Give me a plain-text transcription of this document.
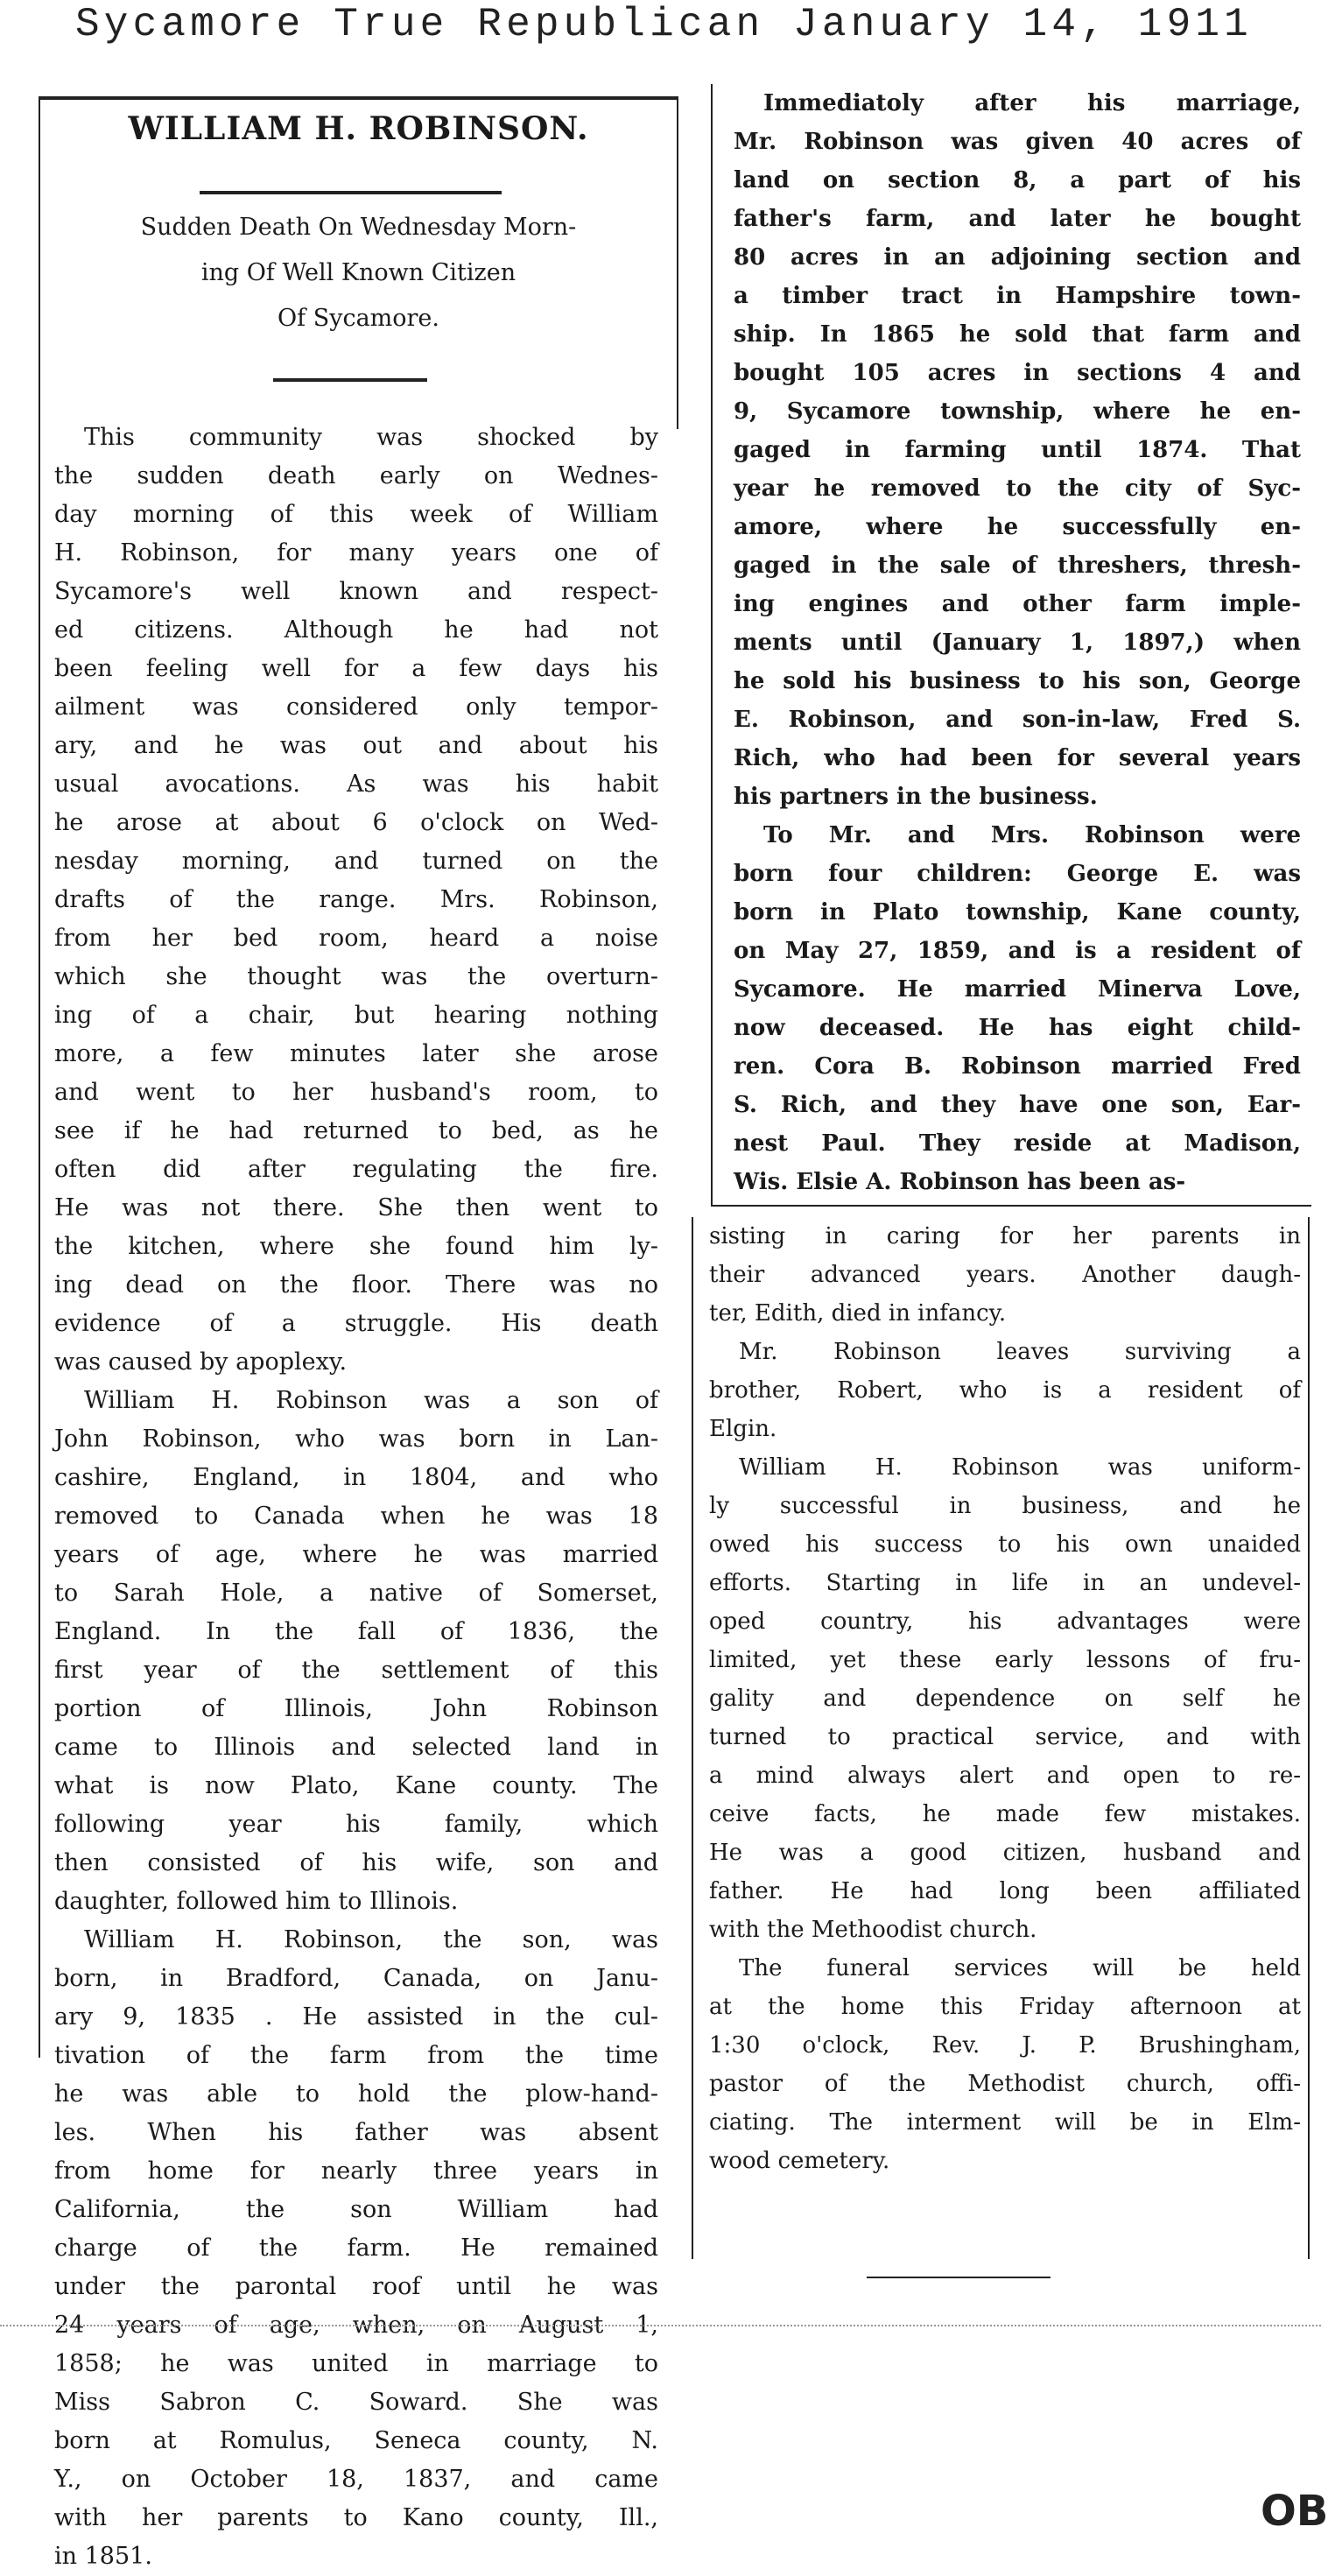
Sycamore True Republican January 14, 1911
WILLIAM H. ROBINSON.
Sudden Death On Wednesday Morn-
ing Of Well Known Citizen
Of Sycamore.
This community was shocked by
the sudden death early on Wednes-
day morning of this week of William
H. Robinson, for many years one of
Sycamore's well known and respect-
ed citizens. Although he had not
been feeling well for a few days his
ailment was considered only tempor-
ary, and he was out and about his
usual avocations. As was his habit
he arose at about 6 o'clock on Wed-
nesday morning, and turned on the
drafts of the range. Mrs. Robinson,
from her bed room, heard a noise
which she thought was the overturn-
ing of a chair, but hearing nothing
more, a few minutes later she arose
and went to her husband's room, to
see if he had returned to bed, as he
often did after regulating the fire.
He was not there. She then went to
the kitchen, where she found him ly-
ing dead on the floor. There was no
evidence of a struggle. His death
was caused by apoplexy.
William H. Robinson was a son of
John Robinson, who was born in Lan-
cashire, England, in 1804, and who
removed to Canada when he was 18
years of age, where he was married
to Sarah Hole, a native of Somerset,
England. In the fall of 1836, the
first year of the settlement of this
portion of Illinois, John Robinson
came to Illinois and selected land in
what is now Plato, Kane county. The
following year his family, which
then consisted of his wife, son and
daughter, followed him to Illinois.
William H. Robinson, the son, was
born, in Bradford, Canada, on Janu-
ary 9, 1835 . He assisted in the cul-
tivation of the farm from the time
he was able to hold the plow-hand-
les. When his father was absent
from home for nearly three years in
California, the son William had
charge of the farm. He remained
under the parontal roof until he was
24 years of age, when, on August 1,
1858; he was united in marriage to
Miss Sabron C. Soward. She was
born at Romulus, Seneca county, N.
Y., on October 18, 1837, and came
with her parents to Kano county, Ill.,
in 1851.
Immediatoly after his marriage,
Mr. Robinson was given 40 acres of
land on section 8, a part of his
father's farm, and later he bought
80 acres in an adjoining section and
a timber tract in Hampshire town-
ship. In 1865 he sold that farm and
bought 105 acres in sections 4 and
9, Sycamore township, where he en-
gaged in farming until 1874. That
year he removed to the city of Syc-
amore, where he successfully en-
gaged in the sale of threshers, thresh-
ing engines and other farm imple-
ments until (January 1, 1897,) when
he sold his business to his son, George
E. Robinson, and son-in-law, Fred S.
Rich, who had been for several years
his partners in the business.
To Mr. and Mrs. Robinson were
born four children: George E. was
born in Plato township, Kane county,
on May 27, 1859, and is a resident of
Sycamore. He married Minerva Love,
now deceased. He has eight child-
ren. Cora B. Robinson married Fred
S. Rich, and they have one son, Ear-
nest Paul. They reside at Madison,
Wis. Elsie A. Robinson has been as-
sisting in caring for her parents in
their advanced years. Another daugh-
ter, Edith, died in infancy.
Mr. Robinson leaves surviving a
brother, Robert, who is a resident of
Elgin.
William H. Robinson was uniform-
ly successful in business, and he
owed his success to his own unaided
efforts. Starting in life in an undevel-
oped country, his advantages were
limited, yet these early lessons of fru-
gality and dependence on self he
turned to practical service, and with
a mind always alert and open to re-
ceive facts, he made few mistakes.
He was a good citizen, husband and
father. He had long been affiliated
with the Methoodist church.
The funeral services will be held
at the home this Friday afternoon at
1:30 o'clock, Rev. J. P. Brushingham,
pastor of the Methodist church, offi-
ciating. The interment will be in Elm-
wood cemetery.
OB
